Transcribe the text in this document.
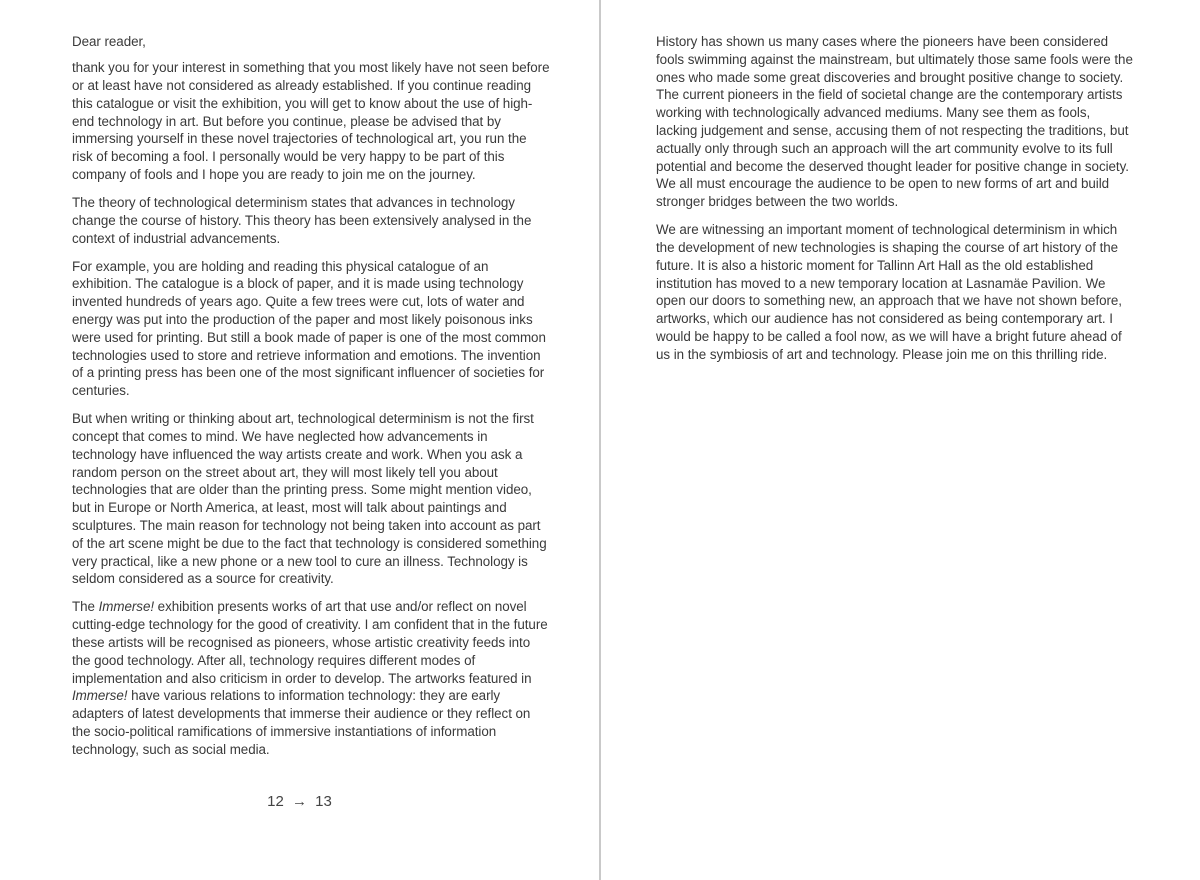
Dear reader,

thank you for your interest in something that you most likely have not seen before or at least have not considered as already established. If you continue reading this catalogue or visit the exhibition, you will get to know about the use of high-end technology in art. But before you continue, please be advised that by immersing yourself in these novel trajectories of technological art, you run the risk of becoming a fool. I personally would be very happy to be part of this company of fools and I hope you are ready to join me on the journey.

The theory of technological determinism states that advances in technology change the course of history. This theory has been extensively analysed in the context of industrial advancements.

For example, you are holding and reading this physical catalogue of an exhibition. The catalogue is a block of paper, and it is made using technology invented hundreds of years ago. Quite a few trees were cut, lots of water and energy was put into the production of the paper and most likely poisonous inks were used for printing. But still a book made of paper is one of the most common technologies used to store and retrieve information and emotions. The invention of a printing press has been one of the most significant influencer of societies for centuries.

But when writing or thinking about art, technological determinism is not the first concept that comes to mind. We have neglected how advancements in technology have influenced the way artists create and work. When you ask a random person on the street about art, they will most likely tell you about technologies that are older than the printing press. Some might mention video, but in Europe or North America, at least, most will talk about paintings and sculptures. The main reason for technology not being taken into account as part of the art scene might be due to the fact that technology is considered something very practical, like a new phone or a new tool to cure an illness. Technology is seldom considered as a source for creativity.

The Immerse! exhibition presents works of art that use and/or reflect on novel cutting-edge technology for the good of creativity. I am confident that in the future these artists will be recognised as pioneers, whose artistic creativity feeds into the good technology. After all, technology requires different modes of implementation and also criticism in order to develop. The artworks featured in Immerse! have various relations to information technology: they are early adapters of latest developments that immerse their audience or they reflect on the socio-political ramifications of immersive instantiations of information technology, such as social media.

12 → 13

History has shown us many cases where the pioneers have been considered fools swimming against the mainstream, but ultimately those same fools were the ones who made some great discoveries and brought positive change to society. The current pioneers in the field of societal change are the contemporary artists working with technologically advanced mediums. Many see them as fools, lacking judgement and sense, accusing them of not respecting the traditions, but actually only through such an approach will the art community evolve to its full potential and become the deserved thought leader for positive change in society. We all must encourage the audience to be open to new forms of art and build stronger bridges between the two worlds.

We are witnessing an important moment of technological determinism in which the development of new technologies is shaping the course of art history of the future. It is also a historic moment for Tallinn Art Hall as the old established institution has moved to a new temporary location at Lasnamäe Pavilion. We open our doors to something new, an approach that we have not shown before, artworks, which our audience has not considered as being contemporary art. I would be happy to be called a fool now, as we will have a bright future ahead of us in the symbiosis of art and technology. Please join me on this thrilling ride.
